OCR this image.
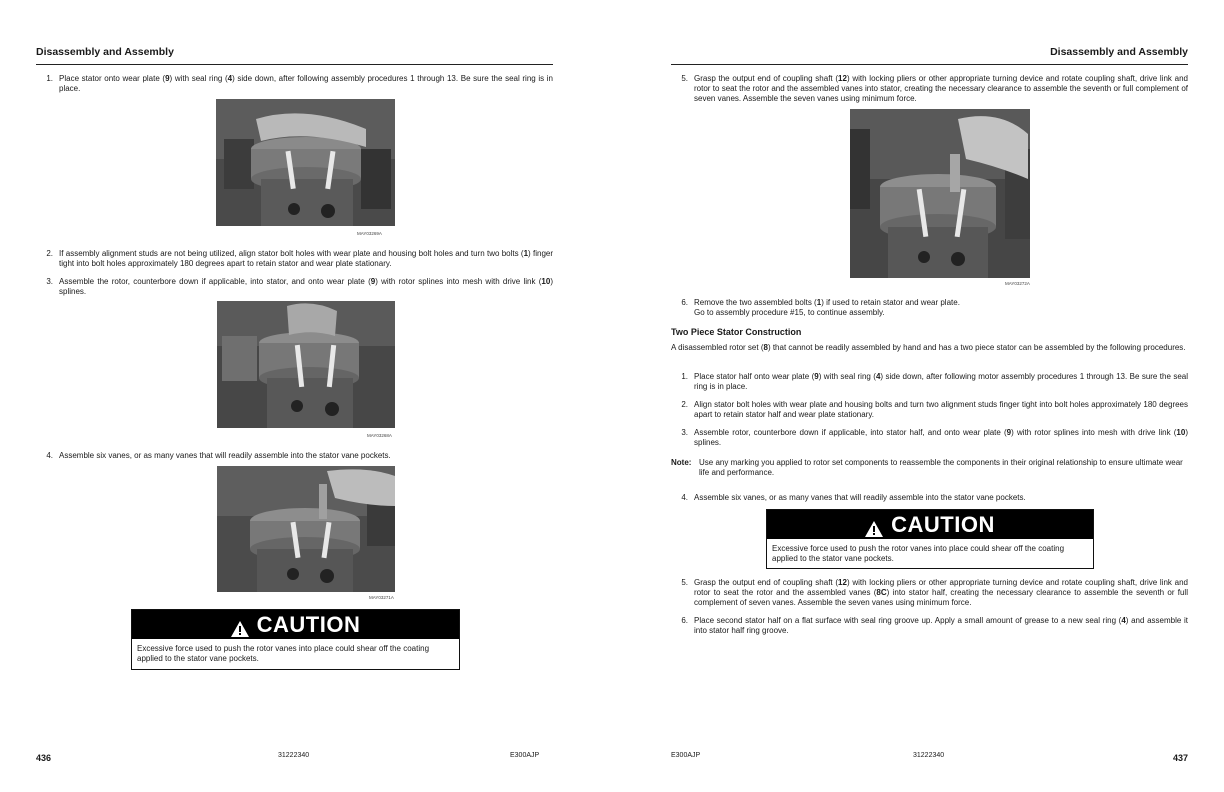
Disassembly and Assembly
1. Place stator onto wear plate (9) with seal ring (4) side down, after following assembly procedures 1 through 13. Be sure the seal ring is in place.
MAY03269A
2. If assembly alignment studs are not being utilized, align stator bolt holes with wear plate and housing bolt holes and turn two bolts (1) finger tight into bolt holes approximately 180 degrees apart to retain stator and wear plate stationary.
3. Assemble the rotor, counterbore down if applicable, into stator, and onto wear plate (9) with rotor splines into mesh with drive link (10) splines.
MAY03268A
4. Assemble six vanes, or as many vanes that will readily assemble into the stator vane pockets.
MAY03271A
CAUTION
Excessive force used to push the rotor vanes into place could shear off the coating applied to the stator vane pockets.
436	31222340	E300AJP
Disassembly and Assembly
5. Grasp the output end of coupling shaft (12) with locking pliers or other appropriate turning device and rotate coupling shaft, drive link and rotor to seat the rotor and the assembled vanes into stator, creating the necessary clearance to assemble the seventh or full complement of seven vanes. Assemble the seven vanes using minimum force.
MAY03272A
6. Remove the two assembled bolts (1) if used to retain stator and wear plate.
Go to assembly procedure #15, to continue assembly.
Two Piece Stator Construction
A disassembled rotor set (8) that cannot be readily assembled by hand and has a two piece stator can be assembled by the following procedures.
1. Place stator half onto wear plate (9) with seal ring (4) side down, after following motor assembly procedures 1 through 13. Be sure the seal ring is in place.
2. Align stator bolt holes with wear plate and housing bolts and turn two alignment studs finger tight into bolt holes approximately 180 degrees apart to retain stator half and wear plate stationary.
3. Assemble rotor, counterbore down if applicable, into stator half, and onto wear plate (9) with rotor splines into mesh with drive link (10) splines.
Note: Use any marking you applied to rotor set components to reassemble the components in their original relationship to ensure ultimate wear life and performance.
4. Assemble six vanes, or as many vanes that will readily assemble into the stator vane pockets.
CAUTION
Excessive force used to push the rotor vanes into place could shear off the coating applied to the stator vane pockets.
5. Grasp the output end of coupling shaft (12) with locking pliers or other appropriate turning device and rotate coupling shaft, drive link and rotor to seat the rotor and the assembled vanes (8C) into stator half, creating the necessary clearance to assemble the seventh or full complement of seven vanes. Assemble the seven vanes using minimum force.
6. Place second stator half on a flat surface with seal ring groove up. Apply a small amount of grease to a new seal ring (4) and assemble it into stator half ring groove.
E300AJP	31222340	437
